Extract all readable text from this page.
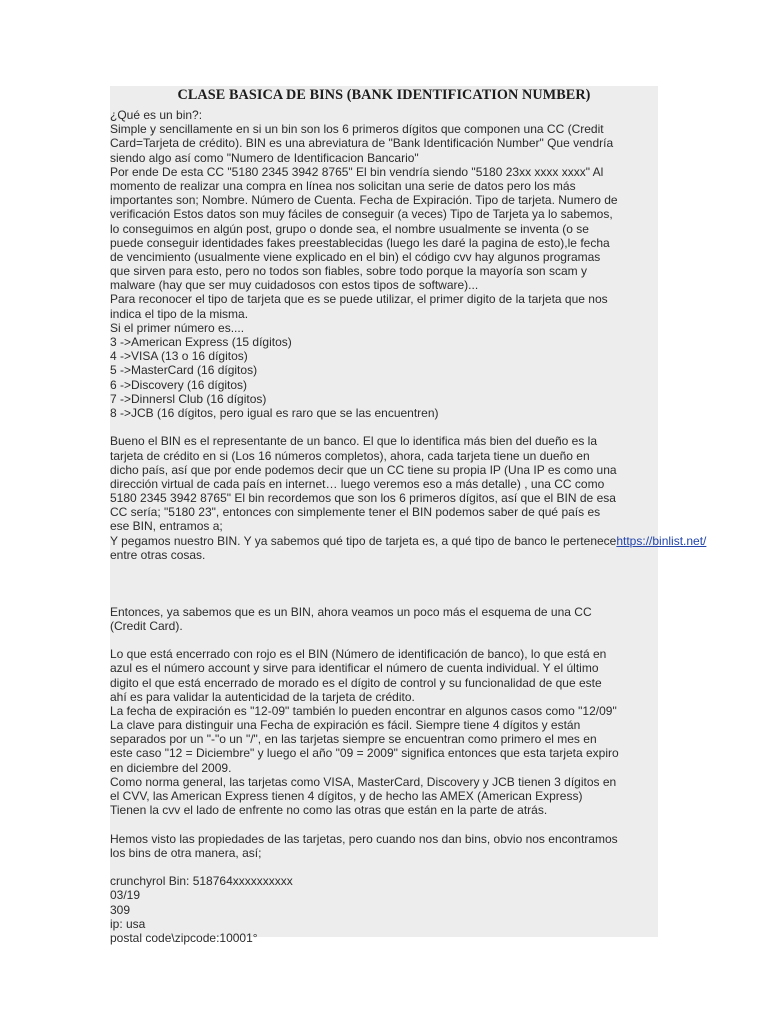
CLASE BASICA DE BINS (BANK IDENTIFICATION NUMBER)
¿Qué es un bin?:
Simple y sencillamente en si un bin son los 6 primeros dígitos que componen una CC (Credit
Card=Tarjeta de crédito). BIN es una abreviatura de "Bank Identificación Number" Que vendría
siendo algo así como "Numero de Identificacion Bancario"
Por ende De esta CC "5180 2345 3942 8765" El bin vendría siendo "5180 23xx xxxx xxxx" Al
momento de realizar una compra en línea nos solicitan una serie de datos pero los más
importantes son; Nombre. Número de Cuenta. Fecha de Expiración. Tipo de tarjeta. Numero de
verificación Estos datos son muy fáciles de conseguir (a veces) Tipo de Tarjeta ya lo sabemos,
lo conseguimos en algún post, grupo o donde sea, el nombre usualmente se inventa (o se
puede conseguir identidades fakes preestablecidas (luego les daré la pagina de esto),le fecha
de vencimiento (usualmente viene explicado en el bin) el código cvv hay algunos programas
que sirven para esto, pero no todos son fiables, sobre todo porque la mayoría son scam y
malware (hay que ser muy cuidadosos con estos tipos de software)...
Para reconocer el tipo de tarjeta que es se puede utilizar, el primer digito de la tarjeta que nos
indica el tipo de la misma.
Si el primer número es....
3 ->American Express (15 dígitos)
4 ->VISA (13 o 16 dígitos)
5 ->MasterCard (16 dígitos)
6 ->Discovery (16 dígitos)
7 ->Dinnersl Club (16 dígitos)
8 ->JCB (16 dígitos, pero igual es raro que se las encuentren)
Bueno el BIN es el representante de un banco. El que lo identifica más bien del dueño es la
tarjeta de crédito en si (Los 16 números completos), ahora, cada tarjeta tiene un dueño en
dicho país, así que por ende podemos decir que un CC tiene su propia IP (Una IP es como una
dirección virtual de cada país en internet… luego veremos eso a más detalle) , una CC como
5180 2345 3942 8765" El bin recordemos que son los 6 primeros dígitos, así que el BIN de esa
CC sería; "5180 23", entonces con simplemente tener el BIN podemos saber de qué país es
ese BIN, entramos a;
Y pegamos nuestro BIN. Y ya sabemos qué tipo de tarjeta es, a qué tipo de banco le pertenecehttps://binlist.net/
entre otras cosas.
Entonces, ya sabemos que es un BIN, ahora veamos un poco más el esquema de una CC
(Credit Card).
Lo que está encerrado con rojo es el BIN (Número de identificación de banco), lo que está en
azul es el número account y sirve para identificar el número de cuenta individual. Y el último
digito el que está encerrado de morado es el dígito de control y su funcionalidad de que este
ahí es para validar la autenticidad de la tarjeta de crédito.
La fecha de expiración es "12-09" también lo pueden encontrar en algunos casos como "12/09"
La clave para distinguir una Fecha de expiración es fácil. Siempre tiene 4 dígitos y están
separados por un "-"o un "/", en las tarjetas siempre se encuentran como primero el mes en
este caso "12 = Diciembre" y luego el año "09 = 2009" significa entonces que esta tarjeta expiro
en diciembre del 2009.
Como norma general, las tarjetas como VISA, MasterCard, Discovery y JCB tienen 3 dígitos en
el CVV, las American Express tienen 4 dígitos, y de hecho las AMEX (American Express)
Tienen la cvv el lado de enfrente no como las otras que están en la parte de atrás.
Hemos visto las propiedades de las tarjetas, pero cuando nos dan bins, obvio nos encontramos
los bins de otra manera, así;
crunchyrol Bin: 518764xxxxxxxxxx
03/19
309
ip: usa
postal code\zipcode:10001°
